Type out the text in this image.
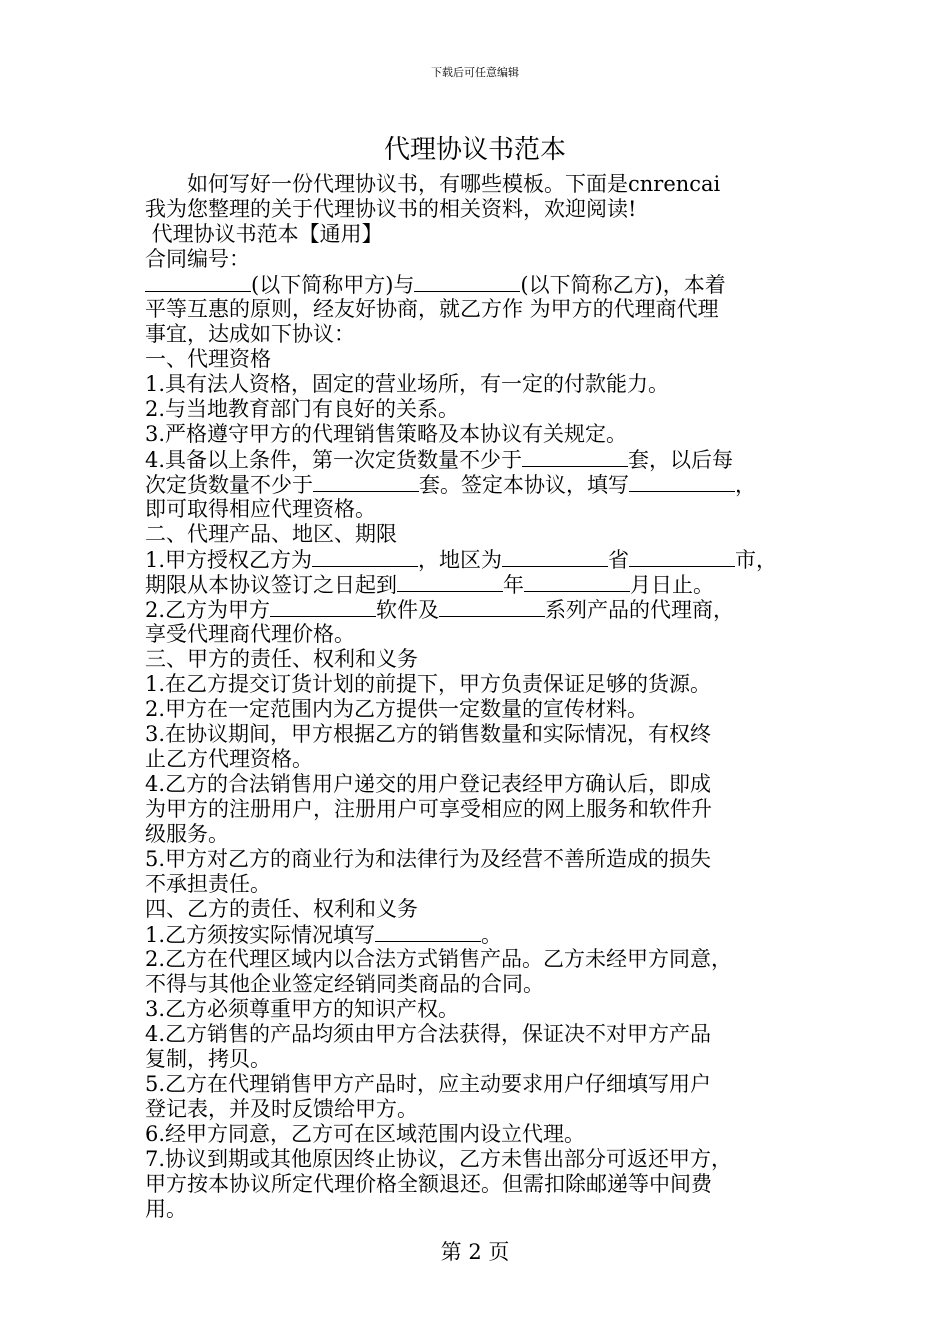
下载后可任意编辑
代理协议书范本
　　如何写好一份代理协议书，有哪些模板。下面是cnrencai
我为您整理的关于代理协议书的相关资料，欢迎阅读!
代理协议书范本【通用】
合同编号：
(以下简称甲方)与	(以下简称乙方)，本着
平等互惠的原则，经友好协商，就乙方作 为甲方的代理商代理
事宜，达成如下协议：
一、代理资格
1.具有法人资格，固定的营业场所，有一定的付款能力。
2.与当地教育部门有良好的关系。
3.严格遵守甲方的代理销售策略及本协议有关规定。
4.具备以上条件，第一次定货数量不少于	套，以后每
次定货数量不少于	套。签定本协议，填写	，
即可取得相应代理资格。
二、代理产品、地区、期限
1.甲方授权乙方为	，地区为	省	市，
期限从本协议签订之日起到	年	月日止。
2.乙方为甲方	软件及	系列产品的代理商，
享受代理商代理价格。
三、甲方的责任、权利和义务
1.在乙方提交订货计划的前提下，甲方负责保证足够的货源。
2.甲方在一定范围内为乙方提供一定数量的宣传材料。
3.在协议期间，甲方根据乙方的销售数量和实际情况，有权终
止乙方代理资格。
4.乙方的合法销售用户递交的用户登记表经甲方确认后，即成
为甲方的注册用户，注册用户可享受相应的网上服务和软件升
级服务。
5.甲方对乙方的商业行为和法律行为及经营不善所造成的损失
不承担责任。
四、乙方的责任、权利和义务
1.乙方须按实际情况填写	。
2.乙方在代理区域内以合法方式销售产品。乙方未经甲方同意，
不得与其他企业签定经销同类商品的合同。
3.乙方必须尊重甲方的知识产权。
4.乙方销售的产品均须由甲方合法获得，保证决不对甲方产品
复制，拷贝。
5.乙方在代理销售甲方产品时，应主动要求用户仔细填写用户
登记表，并及时反馈给甲方。
6.经甲方同意，乙方可在区域范围内设立代理。
7.协议到期或其他原因终止协议，乙方未售出部分可返还甲方，
甲方按本协议所定代理价格全额退还。但需扣除邮递等中间费
用。
第 2 页
